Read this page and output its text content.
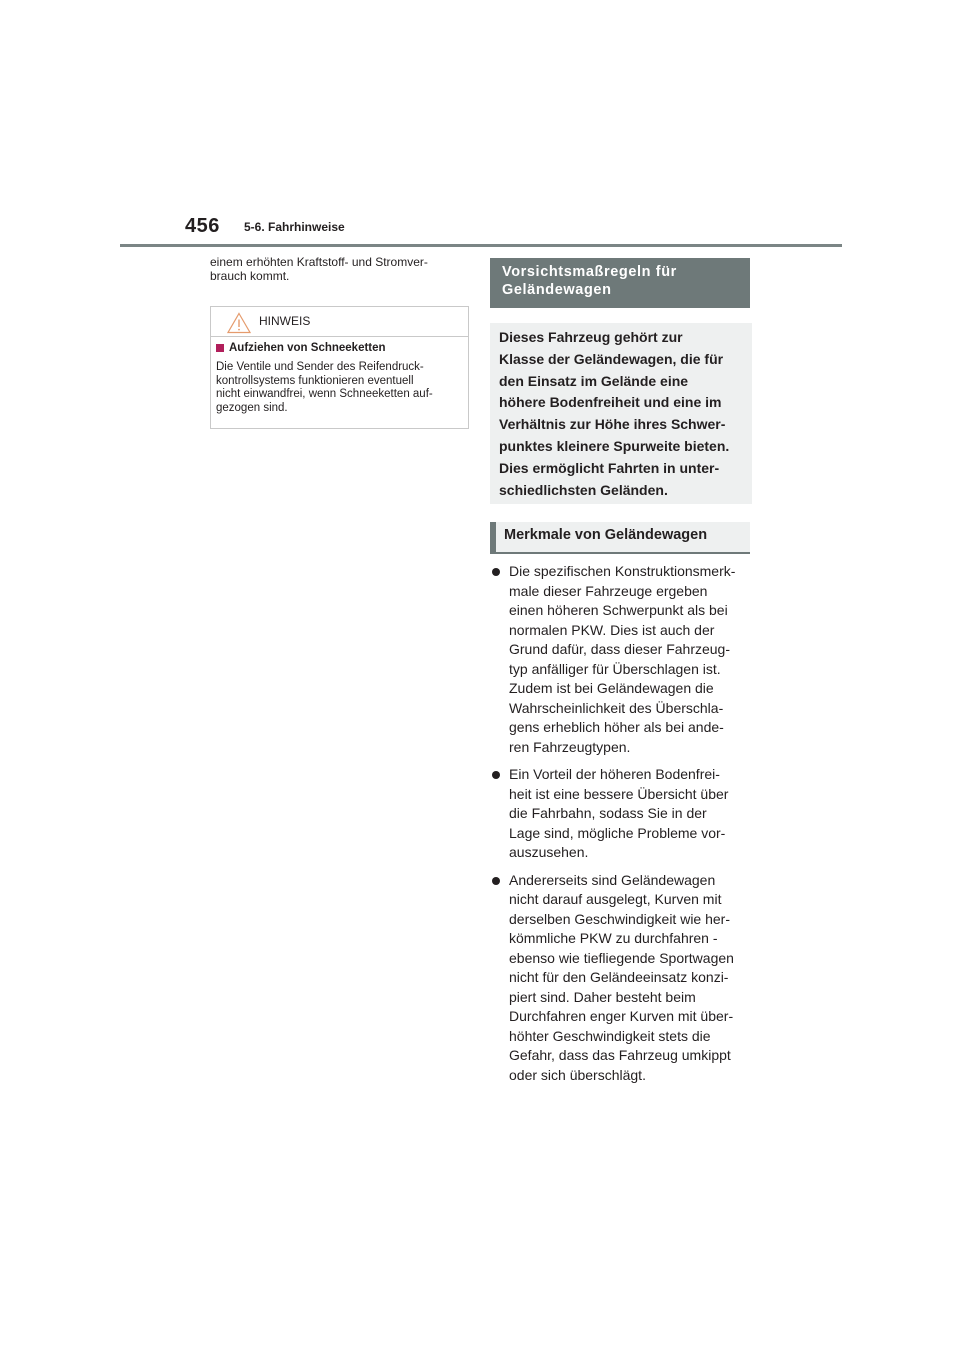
456 5-6. Fahrhinweise

einem erhöhten Kraftstoff- und Stromver-
brauch kommt.

HINWEIS
Aufziehen von Schneeketten

Die Ventile und Sender des Reifendruck-
kontrollsystems funktionieren eventuell
nicht einwandfrei, wenn Schneeketten auf-
gezogen sind.

Vorsichtsmaßregeln für
Geländewagen

Dieses Fahrzeug gehört zur
Klasse der Geländewagen, die für
den Einsatz im Gelände eine
höhere Bodenfreiheit und eine im
Verhältnis zur Höhe ihres Schwer-
punktes kleinere Spurweite bieten.
Dies ermöglicht Fahrten in unter-
schiedlichsten Geländen.

Merkmale von Geländewagen
Die spezifischen Konstruktionsmerk-
male dieser Fahrzeuge ergeben
einen höheren Schwerpunkt als bei
normalen PKW. Dies ist auch der
Grund dafür, dass dieser Fahrzeug-
typ anfälliger für Überschlagen ist.
Zudem ist bei Geländewagen die
Wahrscheinlichkeit des Überschla-
gens erheblich höher als bei ande-
ren Fahrzeugtypen.
Ein Vorteil der höheren Bodenfrei-
heit ist eine bessere Übersicht über
die Fahrbahn, sodass Sie in der
Lage sind, mögliche Probleme vor-
auszusehen.
Andererseits sind Geländewagen
nicht darauf ausgelegt, Kurven mit
derselben Geschwindigkeit wie her-
kömmliche PKW zu durchfahren -
ebenso wie tiefliegende Sportwagen
nicht für den Geländeeinsatz konzi-
piert sind. Daher besteht beim
Durchfahren enger Kurven mit über-
höhter Geschwindigkeit stets die
Gefahr, dass das Fahrzeug umkippt
oder sich überschlägt.
